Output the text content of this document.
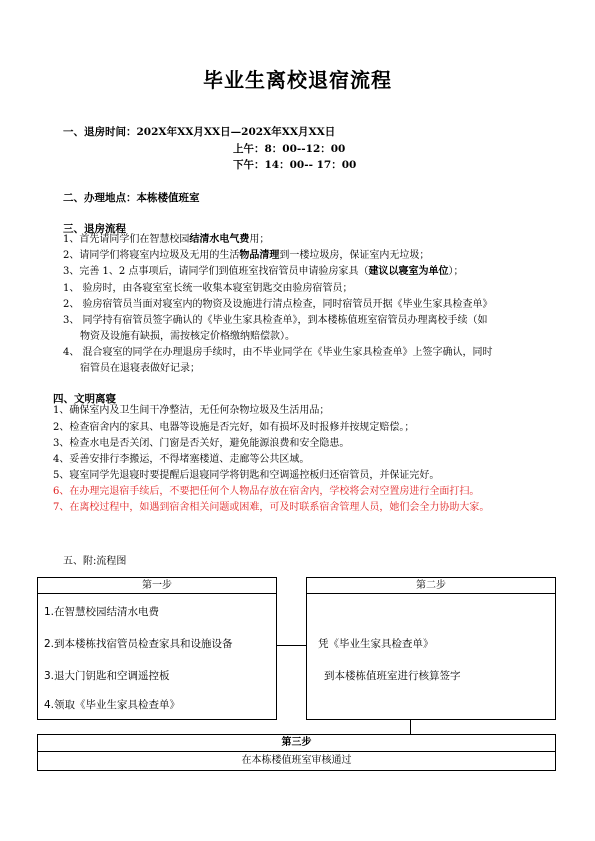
毕业生离校退宿流程
一、退房时间：202X年XX月XX日—202X年XX月XX日
上午：8：00--12：00
下午：14：00-- 17：00
二、办理地点：本栋楼值班室
三、退房流程
1、首先请同学们在智慧校园结清水电气费用；
2、请同学们将寝室内垃圾及无用的生活物品清理到一楼垃圾房，保证室内无垃圾；
3、完善 1、2 点事项后，请同学们到值班室找宿管员申请验房家具（建议以寝室为单位）；
1、 验房时，由各寝室室长统一收集本寝室钥匙交由验房宿管员；
2、 验房宿管员当面对寝室内的物资及设施进行清点检查，同时宿管员开据《毕业生家具检查单》
3、 同学持有宿管员签字确认的《毕业生家具检查单》，到本楼栋值班室宿管员办理离校手续（如
物资及设施有缺损，需按核定价格缴纳赔偿款）。
4、 混合寝室的同学在办理退房手续时，由不毕业同学在《毕业生家具检查单》上签字确认，同时
宿管员在退寝表做好记录；
四、文明离寝
1、确保室内及卫生间干净整洁，无任何杂物垃圾及生活用品；
2、检查宿舍内的家具、电器等设施是否完好，如有损坏及时报修并按规定赔偿。；
3、检查水电是否关闭、门窗是否关好，避免能源浪费和安全隐患。
4、妥善安排行李搬运，不得堵塞楼道、走廊等公共区域。
5、寝室同学先退寝时要提醒后退寝同学将钥匙和空调遥控板归还宿管员，并保证完好。
6、在办理完退宿手续后，不要把任何个人物品存放在宿舍内，学校将会对空置房进行全面打扫。
7、在离校过程中，如遇到宿舍相关问题或困难，可及时联系宿舍管理人员，她们会全力协助大家。
五、附:流程图
第一步
1.在智慧校园结清水电费
2.到本楼栋找宿管员检查家具和设施设备
3.退大门钥匙和空调遥控板
4.领取《毕业生家具检查单》
第二步
凭《毕业生家具检查单》
到本楼栋值班室进行核算签字
第三步
在本栋楼值班室审核通过
